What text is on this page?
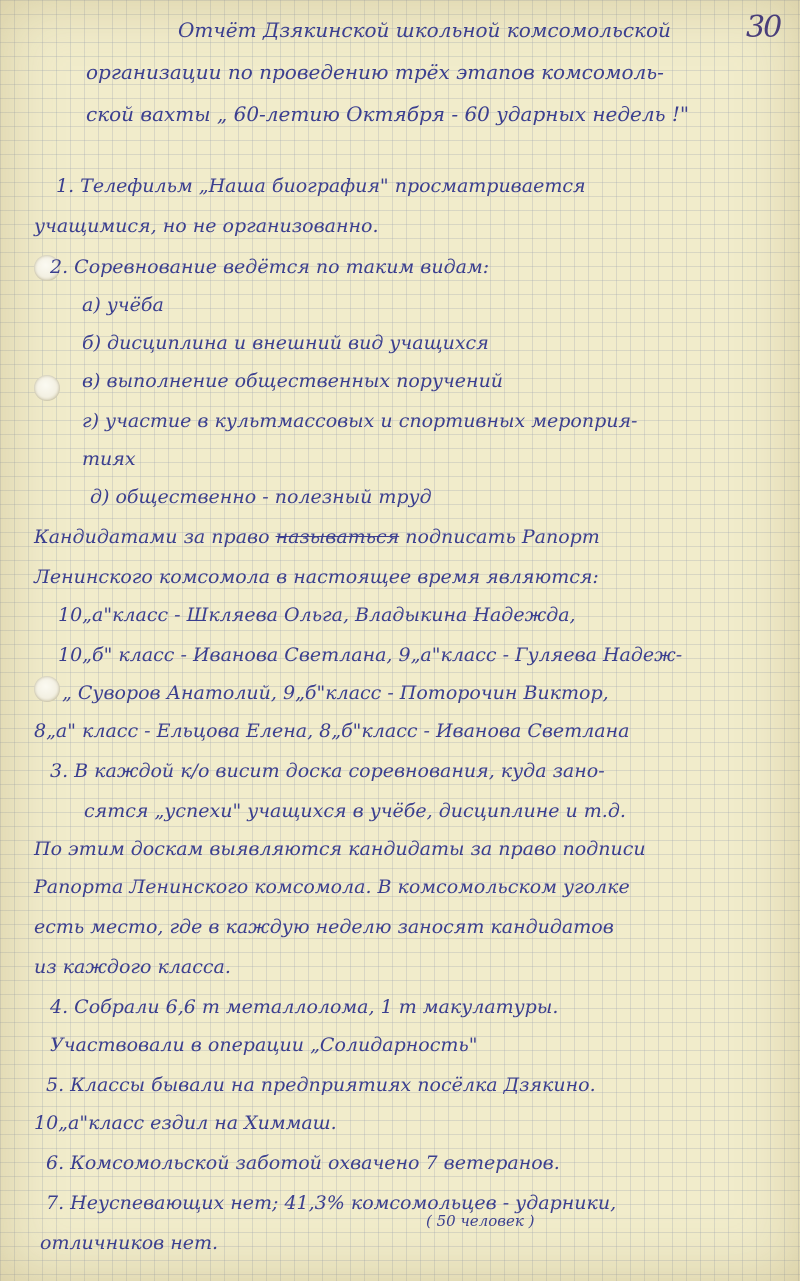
30
Отчёт Дзякинской школьной комсомольской
организации по проведению трёх этапов комсомоль-
ской вахты „ 60-летию Октября - 60 ударных недель !"
1. Телефильм „Наша биография" просматривается
учащимися, но не организованно.
2. Соревнование ведётся по таким видам:
а) учёба
б) дисциплина и внешний вид учащихся
в) выполнение общественных поручений
г) участие в культмассовых и спортивных мероприя-
тиях
д) общественно - полезный труд
Кандидатами за право называться подписать Рапорт
Ленинского комсомола в настоящее время являются:
10„а"класс - Шкляева Ольга, Владыкина Надежда,
10„б" класс - Иванова Светлана, 9„а"класс - Гуляева Надеж-
„ Суворов Анатолий, 9„б"класс - Поторочин Виктор,
8„а" класс - Ельцова Елена, 8„б"класс - Иванова Светлана
3. В каждой к/о висит доска соревнования, куда зано-
сятся „успехи" учащихся в учёбе, дисциплине и т.д.
По этим доскам выявляются кандидаты за право подписи
Рапорта Ленинского комсомола. В комсомольском уголке
есть место, где в каждую неделю заносят кандидатов
из каждого класса.
4. Собрали 6,6 т металлолома, 1 т макулатуры.
Участвовали в операции „Солидарность"
5. Классы бывали на предприятиях посёлка Дзякино.
10„а"класс ездил на Химмаш.
6. Комсомольской заботой охвачено 7 ветеранов.
7. Неуспевающих нет; 41,3% комсомольцев - ударники,
( 50 человек )
отличников нет.
